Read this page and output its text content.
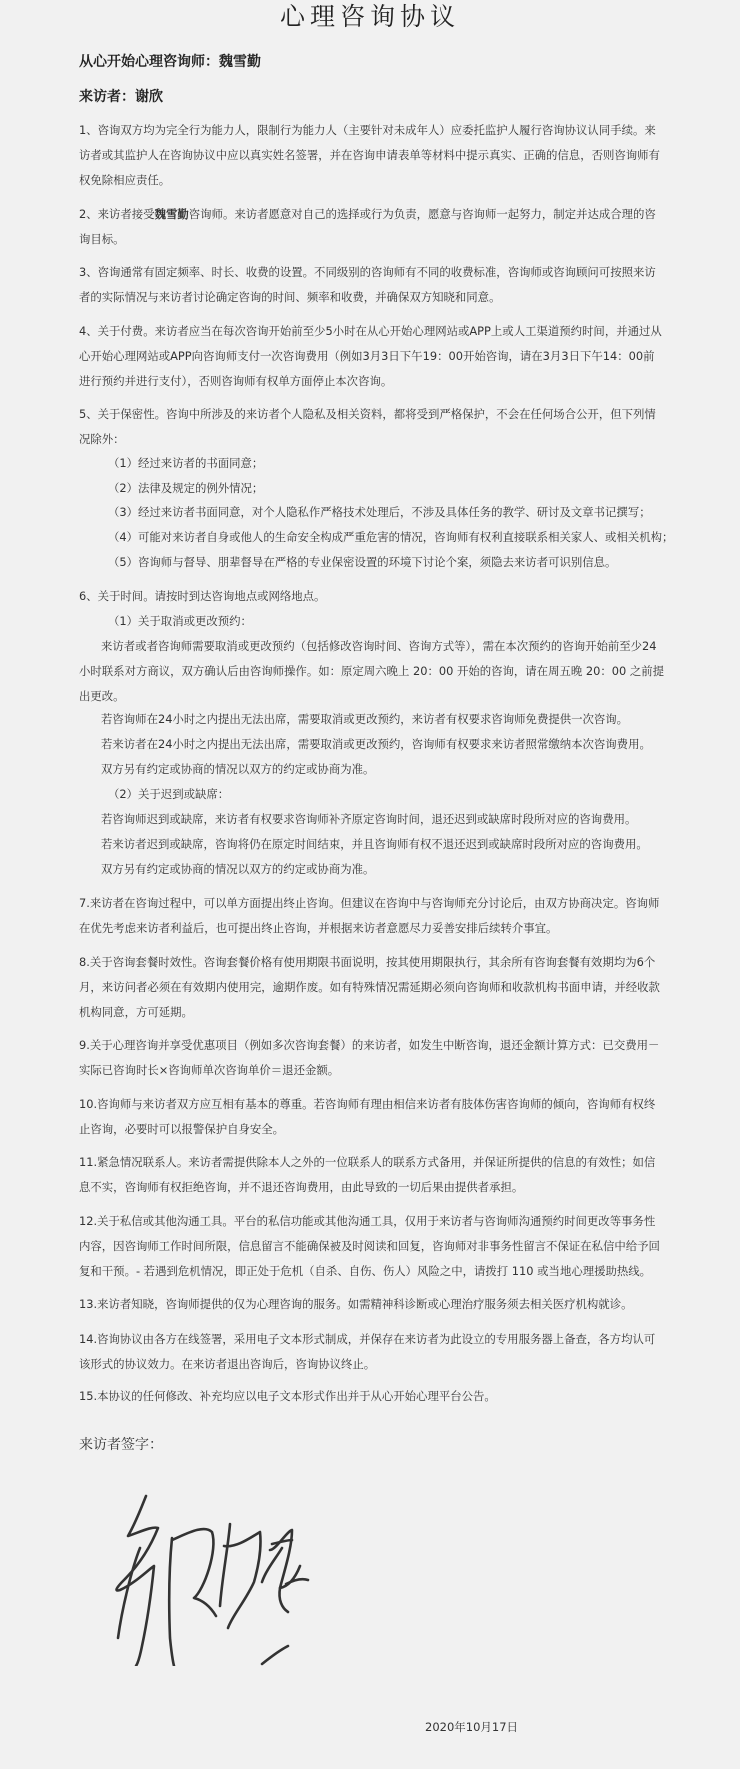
心理咨询协议
从心开始心理咨询师：魏雪勤
来访者：谢欣
1、咨询双方均为完全行为能力人，限制行为能力人（主要针对未成年人）应委托监护人履行咨询协议认同手续。来访者或其监护人在咨询协议中应以真实姓名签署，并在咨询申请表单等材料中提示真实、正确的信息，否则咨询师有权免除相应责任。
2、来访者接受魏雪勤咨询师。来访者愿意对自己的选择或行为负责，愿意与咨询师一起努力，制定并达成合理的咨询目标。
3、咨询通常有固定频率、时长、收费的设置。不同级别的咨询师有不同的收费标准，咨询师或咨询顾问可按照来访者的实际情况与来访者讨论确定咨询的时间、频率和收费，并确保双方知晓和同意。
4、关于付费。来访者应当在每次咨询开始前至少5小时在从心开始心理网站或APP上或人工渠道预约时间，并通过从心开始心理网站或APP向咨询师支付一次咨询费用（例如3月3日下午19：00开始咨询，请在3月3日下午14：00前进行预约并进行支付），否则咨询师有权单方面停止本次咨询。
5、关于保密性。咨询中所涉及的来访者个人隐私及相关资料，都将受到严格保护，不会在任何场合公开，但下列情况除外：
（1）经过来访者的书面同意；
（2）法律及规定的例外情况；
（3）经过来访者书面同意，对个人隐私作严格技术处理后，不涉及具体任务的教学、研讨及文章书记撰写；
（4）可能对来访者自身或他人的生命安全构成严重危害的情况，咨询师有权利直接联系相关家人、或相关机构；
（5）咨询师与督导、朋辈督导在严格的专业保密设置的环境下讨论个案，须隐去来访者可识别信息。
6、关于时间。请按时到达咨询地点或网络地点。
（1）关于取消或更改预约：
来访者或者咨询师需要取消或更改预约（包括修改咨询时间、咨询方式等），需在本次预约的咨询开始前至少24小时联系对方商议，双方确认后由咨询师操作。如：原定周六晚上 20：00 开始的咨询，请在周五晚 20：00 之前提出更改。
若咨询师在24小时之内提出无法出席，需要取消或更改预约，来访者有权要求咨询师免费提供一次咨询。
若来访者在24小时之内提出无法出席，需要取消或更改预约，咨询师有权要求来访者照常缴纳本次咨询费用。
双方另有约定或协商的情况以双方的约定或协商为准。
（2）关于迟到或缺席：
若咨询师迟到或缺席，来访者有权要求咨询师补齐原定咨询时间，退还迟到或缺席时段所对应的咨询费用。
若来访者迟到或缺席，咨询将仍在原定时间结束，并且咨询师有权不退还迟到或缺席时段所对应的咨询费用。
双方另有约定或协商的情况以双方的约定或协商为准。
7.来访者在咨询过程中，可以单方面提出终止咨询。但建议在咨询中与咨询师充分讨论后，由双方协商决定。咨询师在优先考虑来访者利益后，也可提出终止咨询，并根据来访者意愿尽力妥善安排后续转介事宜。
8.关于咨询套餐时效性。咨询套餐价格有使用期限书面说明，按其使用期限执行，其余所有咨询套餐有效期均为6个月，来访问者必须在有效期内使用完，逾期作废。如有特殊情况需延期必须向咨询师和收款机构书面申请，并经收款机构同意，方可延期。
9.关于心理咨询并享受优惠项目（例如多次咨询套餐）的来访者，如发生中断咨询，退还金额计算方式：已交费用－实际已咨询时长×咨询师单次咨询单价＝退还金额。
10.咨询师与来访者双方应互相有基本的尊重。若咨询师有理由相信来访者有肢体伤害咨询师的倾向，咨询师有权终止咨询，必要时可以报警保护自身安全。
11.紧急情况联系人。来访者需提供除本人之外的一位联系人的联系方式备用，并保证所提供的信息的有效性；如信息不实，咨询师有权拒绝咨询，并不退还咨询费用，由此导致的一切后果由提供者承担。
12.关于私信或其他沟通工具。平台的私信功能或其他沟通工具，仅用于来访者与咨询师沟通预约时间更改等事务性内容，因咨询师工作时间所限，信息留言不能确保被及时阅读和回复，咨询师对非事务性留言不保证在私信中给予回复和干预。- 若遇到危机情况，即正处于危机（自杀、自伤、伤人）风险之中，请拨打 110 或当地心理援助热线。
13.来访者知晓，咨询师提供的仅为心理咨询的服务。如需精神科诊断或心理治疗服务须去相关医疗机构就诊。
14.咨询协议由各方在线签署，采用电子文本形式制成，并保存在来访者为此设立的专用服务器上备查，各方均认可该形式的协议效力。在来访者退出咨询后，咨询协议终止。
15.本协议的任何修改、补充均应以电子文本形式作出并于从心开始心理平台公告。
来访者签字：
2020年10月17日
